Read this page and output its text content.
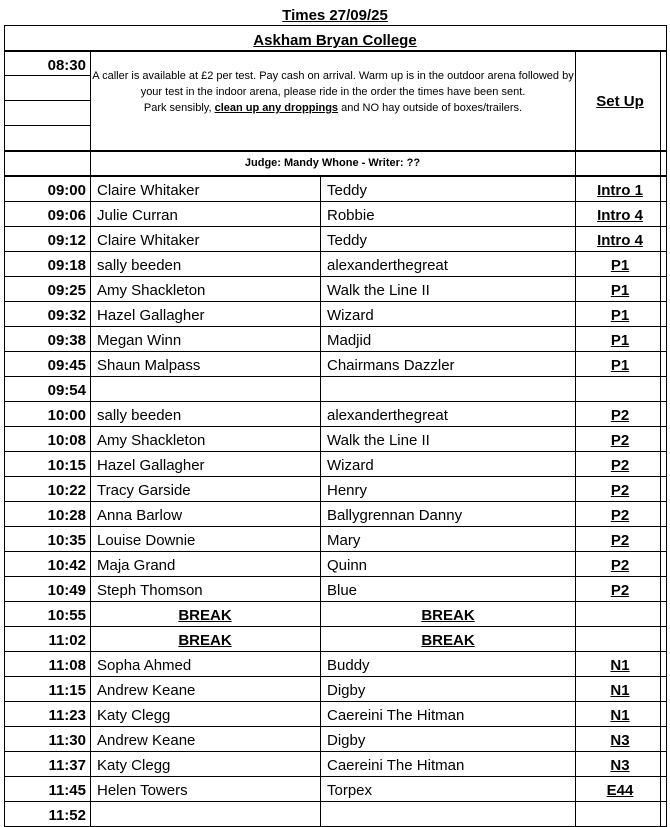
Times 27/09/25
Askham Bryan College
08:30
A caller is available at £2 per test. Pay cash on arrival. Warm up is in the outdoor arena followed by your test in the indoor arena, please ride in the order the times have been sent.
Park sensibly, clean up any droppings and NO hay outside of boxes/trailers.	Set Up
Judge: Mandy Whone - Writer: ??
09:00 Claire Whitaker	Teddy	Intro 1
09:06 Julie Curran	Robbie	Intro 4
09:12 Claire Whitaker	Teddy	Intro 4
09:18 sally beeden	alexanderthegreat	P1
09:25 Amy Shackleton	Walk the Line II	P1
09:32 Hazel Gallagher	Wizard	P1
09:38 Megan Winn	Madjid	P1
09:45 Shaun Malpass	Chairmans Dazzler	P1
09:54
10:00 sally beeden	alexanderthegreat	P2
10:08 Amy Shackleton	Walk the Line II	P2
10:15 Hazel Gallagher	Wizard	P2
10:22 Tracy Garside	Henry	P2
10:28 Anna Barlow	Ballygrennan Danny	P2
10:35 Louise Downie	Mary	P2
10:42 Maja Grand	Quinn	P2
10:49 Steph Thomson	Blue	P2
10:55	BREAK	BREAK
11:02	BREAK	BREAK
11:08 Sopha Ahmed	Buddy	N1
11:15 Andrew Keane	Digby	N1
11:23 Katy Clegg	Caereini The Hitman	N1
11:30 Andrew Keane	Digby	N3
11:37 Katy Clegg	Caereini The Hitman	N3
11:45 Helen Towers	Torpex	E44
11:52
